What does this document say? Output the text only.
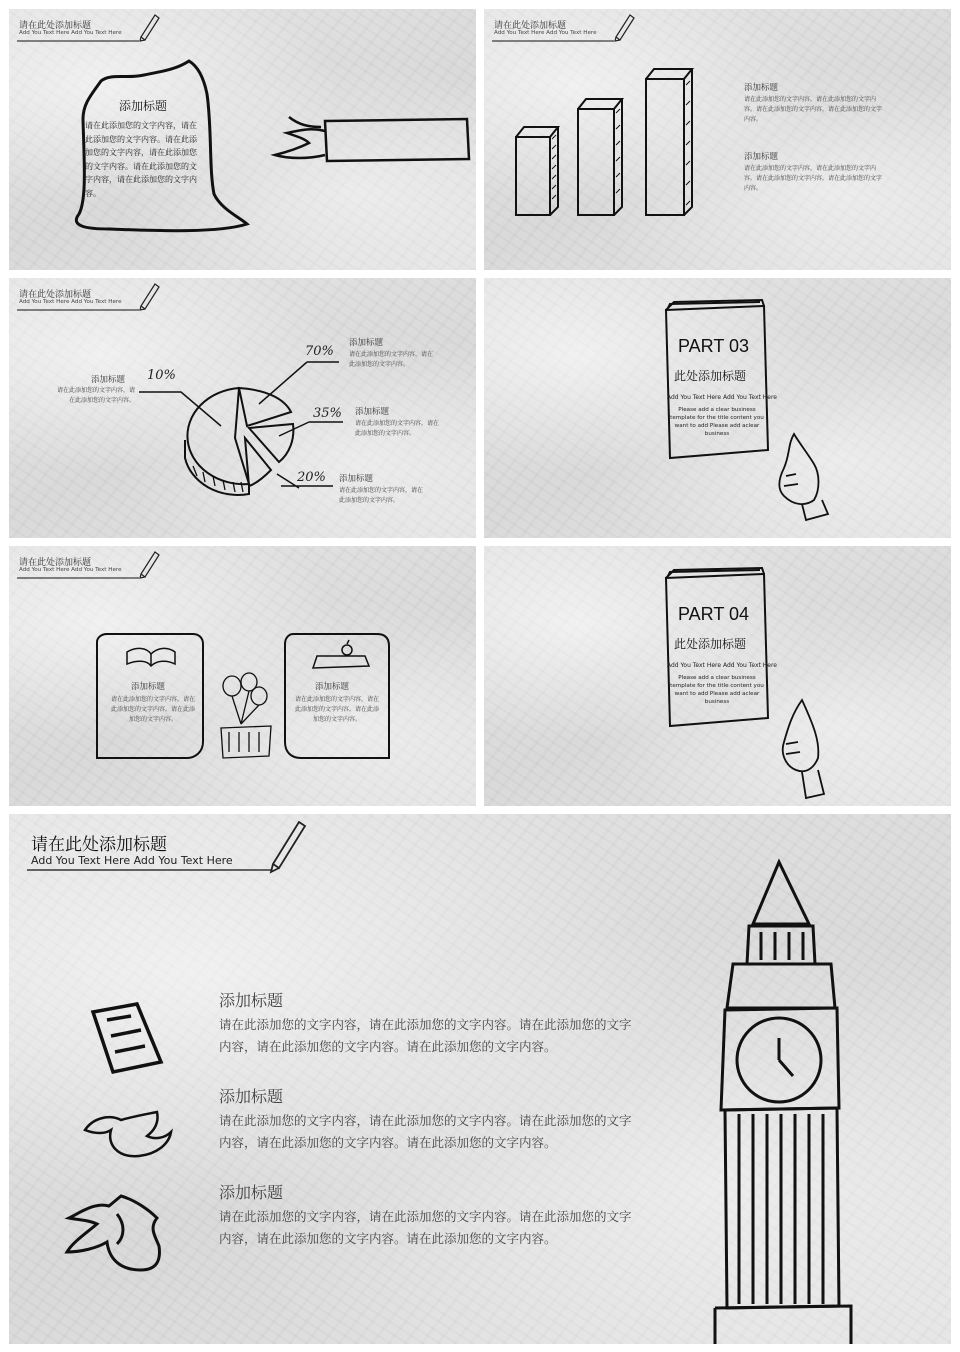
请在此处添加标题
Add You Text Here Add You Text Here
添加标题
请在此添加您的文字内容，请在此添加您的文字内容。请在此添加您的文字内容，请在此添加您的文字内容。请在此添加您的文字内容，请在此添加您的文字内容。
请在此处添加标题
Add You Text Here Add You Text Here
添加标题
请在此添加您的文字内容，请在此添加您的文字内容。请在此添加您的文字内容，请在此添加您的文字内容。
添加标题
请在此添加您的文字内容，请在此添加您的文字内容。请在此添加您的文字内容，请在此添加您的文字内容。
请在此处添加标题
Add You Text Here Add You Text Here
10%
添加标题
请在此添加您的文字内容，请在此添加您的文字内容。
70%
添加标题
请在此添加您的文字内容，请在此添加您的文字内容。
35% 添加标题
请在此添加您的文字内容，请在此添加您的文字内容。
20% 添加标题
请在此添加您的文字内容，请在此添加您的文字内容。
PART 03
此处添加标题
Add You Text Here Add You Text Here
Please add a clear business template for the title content you want to add Please add aclear business
请在此处添加标题
Add You Text Here Add You Text Here
添加标题
请在此添加您的文字内容，请在此添加您的文字内容。请在此添加您的文字内容。
添加标题
请在此添加您的文字内容，请在此添加您的文字内容。请在此添加您的文字内容。
PART 04
此处添加标题
Add You Text Here Add You Text Here
Please add a clear business template for the title content you want to add Please add aclear business
请在此处添加标题
Add You Text Here Add You Text Here
添加标题
请在此添加您的文字内容，请在此添加您的文字内容。请在此添加您的文字内容，请在此添加您的文字内容。请在此添加您的文字内容。
添加标题
请在此添加您的文字内容，请在此添加您的文字内容。请在此添加您的文字内容，请在此添加您的文字内容。请在此添加您的文字内容。
添加标题
请在此添加您的文字内容，请在此添加您的文字内容。请在此添加您的文字内容，请在此添加您的文字内容。请在此添加您的文字内容。
